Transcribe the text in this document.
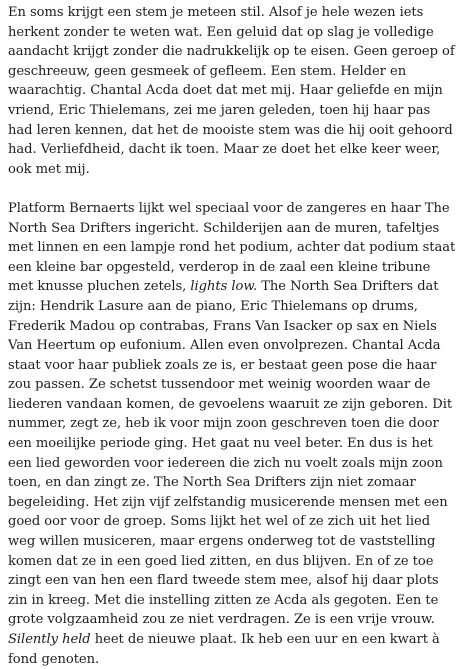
En soms krijgt een stem je meteen stil. Alsof je hele wezen iets herkent zonder te weten wat. Een geluid dat op slag je volledige aandacht krijgt zonder die nadrukkelijk op te eisen. Geen geroep of geschreeuw, geen gesmeek of gefleem. Een stem. Helder en waarachtig. Chantal Acda doet dat met mij. Haar geliefde en mijn vriend, Eric Thielemans, zei me jaren geleden, toen hij haar pas had leren kennen, dat het de mooiste stem was die hij ooit gehoord had. Verliefdheid, dacht ik toen. Maar ze doet het elke keer weer, ook met mij.

Platform Bernaerts lijkt wel speciaal voor de zangeres en haar The North Sea Drifters ingericht. Schilderijen aan de muren, tafeltjes met linnen en een lampje rond het podium, achter dat podium staat een kleine bar opgesteld, verderop in de zaal een kleine tribune met knusse pluchen zetels, lights low. The North Sea Drifters dat zijn: Hendrik Lasure aan de piano, Eric Thielemans op drums, Frederik Madou op contrabas, Frans Van Isacker op sax en Niels Van Heertum op eufonium. Allen even onvolprezen. Chantal Acda staat voor haar publiek zoals ze is, er bestaat geen pose die haar zou passen. Ze schetst tussendoor met weinig woorden waar de liederen vandaan komen, de gevoelens waaruit ze zijn geboren. Dit nummer, zegt ze, heb ik voor mijn zoon geschreven toen die door een moeilijke periode ging. Het gaat nu veel beter. En dus is het een lied geworden voor iedereen die zich nu voelt zoals mijn zoon toen, en dan zingt ze. The North Sea Drifters zijn niet zomaar begeleiding. Het zijn vijf zelfstandig musicerende mensen met een goed oor voor de groep. Soms lijkt het wel of ze zich uit het lied weg willen musiceren, maar ergens onderweg tot de vaststelling komen dat ze in een goed lied zitten, en dus blijven. En of ze toe zingt een van hen een flard tweede stem mee, alsof hij daar plots zin in kreeg. Met die instelling zitten ze Acda als gegoten. Een te grote volgzaamheid zou ze niet verdragen. Ze is een vrije vrouw. Silently held heet de nieuwe plaat. Ik heb een uur en een kwart à fond genoten.
